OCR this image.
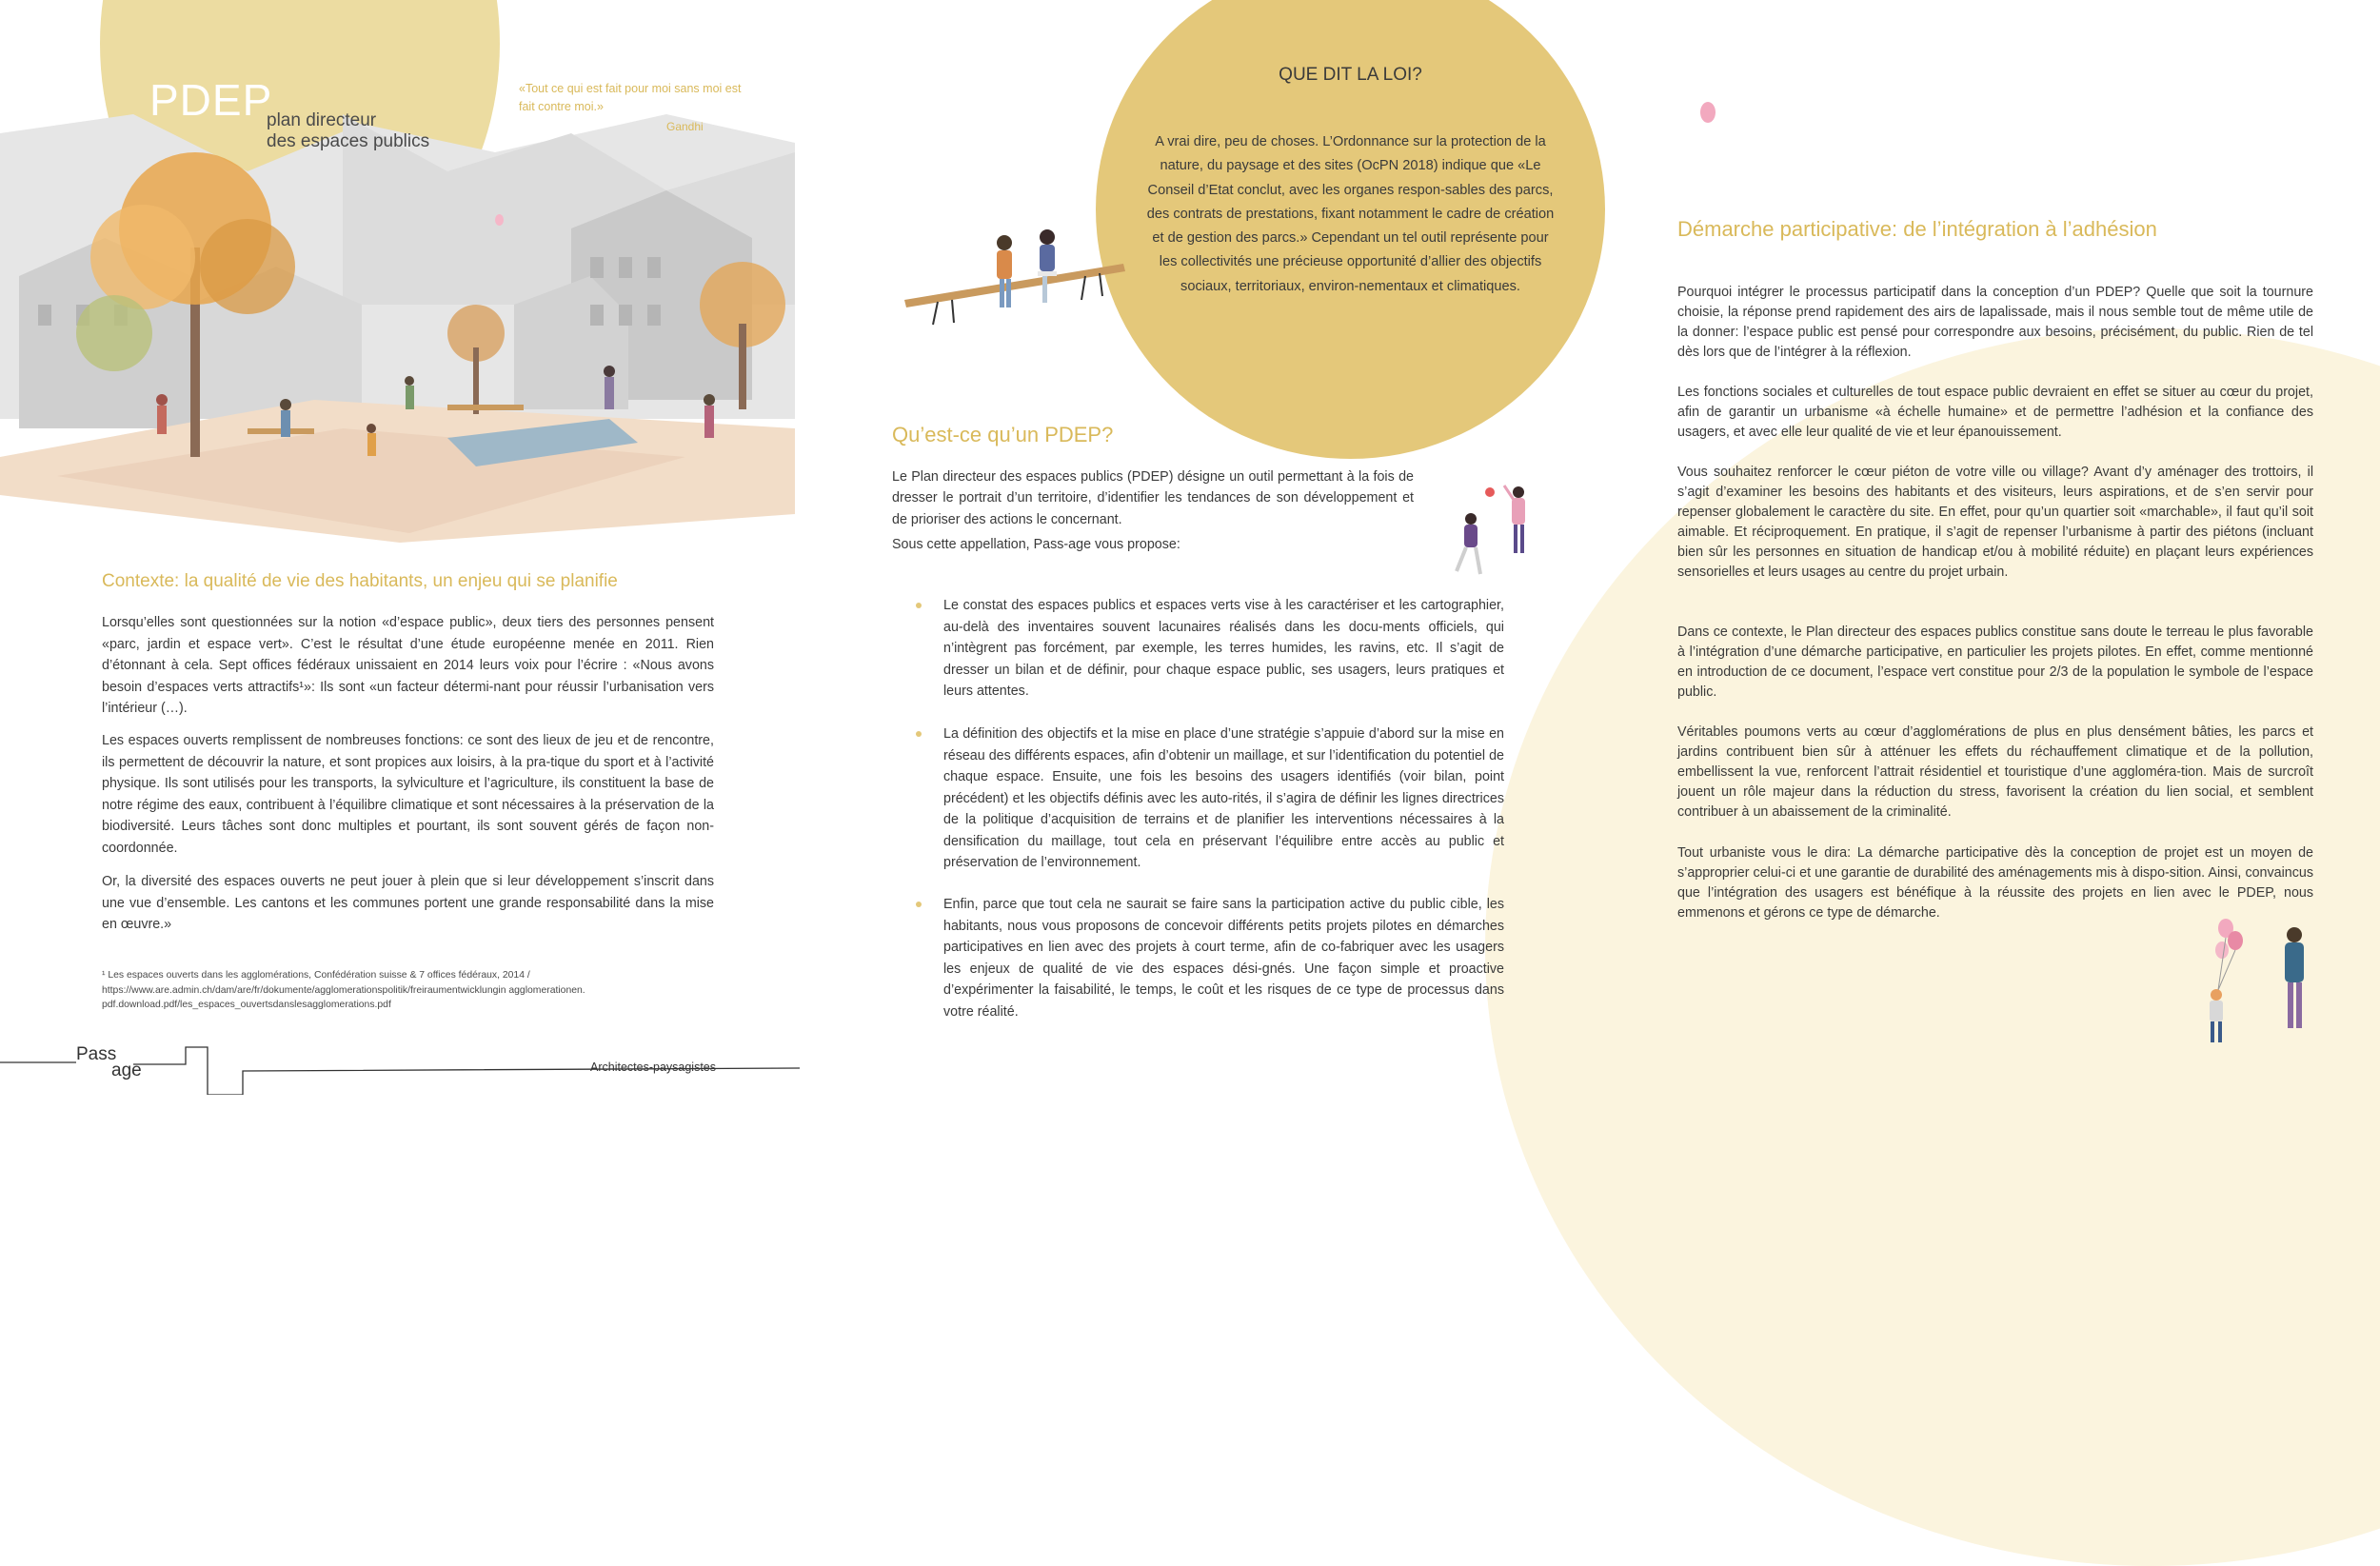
PDEP
plan directeur
des espaces publics
«Tout ce qui est fait pour moi sans moi est fait contre moi.»
Gandhi
Contexte: la qualité de vie des habitants, un enjeu qui se planifie

Lorsqu’elles sont questionnées sur la notion «d’espace public», deux tiers des personnes pensent «parc, jardin et espace vert». C’est le résultat d’une étude européenne menée en 2011. Rien d’étonnant à cela. Sept offices fédéraux unissaient en 2014 leurs voix pour l’écrire : «Nous avons besoin d’espaces verts attractifs¹»: Ils sont «un facteur détermi-nant pour réussir l’urbanisation vers l’intérieur (…).

Les espaces ouverts remplissent de nombreuses fonctions: ce sont des lieux de jeu et de rencontre, ils permettent de découvrir la nature, et sont propices aux loisirs, à la pra-tique du sport et à l’activité physique. Ils sont utilisés pour les transports, la sylviculture et l’agriculture, ils constituent la base de notre régime des eaux, contribuent à l’équilibre climatique et sont nécessaires à la préservation de la biodiversité. Leurs tâches sont donc multiples et pourtant, ils sont souvent gérés de façon non-coordonnée.

Or, la diversité des espaces ouverts ne peut jouer à plein que si leur développement s’inscrit dans une vue d’ensemble. Les cantons et les communes portent une grande responsabilité dans la mise en œuvre.»

¹ Les espaces ouverts dans les agglomérations, Confédération suisse & 7 offices fédéraux, 2014 /
https://www.are.admin.ch/dam/are/fr/dokumente/agglomerationspolitik/freiraumentwicklungin agglomerationen.
pdf.download.pdf/les_espaces_ouvertsdanslesagglomerations.pdf

Pass
age	Architectes-paysagistes
QUE DIT LA LOI?

A vrai dire, peu de choses. L’Ordonnance sur la protection de la nature, du paysage et des sites (OcPN 2018) indique que «Le Conseil d’Etat conclut, avec les organes respon-sables des parcs, des contrats de prestations, fixant notamment le cadre de création et de gestion des parcs.» Cependant un tel outil représente pour les collectivités une précieuse opportunité d’allier des objectifs sociaux, territoriaux, environ-nementaux et climatiques.

Qu’est-ce qu’un PDEP?

Le Plan directeur des espaces publics (PDEP) désigne un outil permettant à la fois de dresser le portrait d’un territoire, d’identifier les tendances de son développement et de prioriser des actions le concernant.

Sous cette appellation, Pass-age vous propose:

Le constat des espaces publics et espaces verts vise à les caractériser et les cartographier, au-delà des inventaires souvent lacunaires réalisés dans les docu-ments officiels, qui n’intègrent pas forcément, par exemple, les terres humides, les ravins, etc. Il s’agit de dresser un bilan et de définir, pour chaque espace public, ses usagers, leurs pratiques et leurs attentes.

La définition des objectifs et la mise en place d’une stratégie s’appuie d’abord sur la mise en réseau des différents espaces, afin d’obtenir un maillage, et sur l’identification du potentiel de chaque espace. Ensuite, une fois les besoins des usagers identifiés (voir bilan, point précédent) et les objectifs définis avec les auto-rités, il s’agira de définir les lignes directrices de la politique d’acquisition de terrains et de planifier les interventions nécessaires à la densification du maillage, tout cela en préservant l’équilibre entre accès au public et préservation de l’environnement.

Enfin, parce que tout cela ne saurait se faire sans la participation active du public cible, les habitants, nous vous proposons de concevoir différents petits projets pilotes en démarches participatives en lien avec des projets à court terme, afin de co-fabriquer avec les usagers les enjeux de qualité de vie des espaces dési-gnés. Une façon simple et proactive d’expérimenter la faisabilité, le temps, le coût et les risques de ce type de processus dans votre réalité.

Démarche participative: de l’intégration à l’adhésion

Pourquoi intégrer le processus participatif dans la conception d’un PDEP? Quelle que soit la tournure choisie, la réponse prend rapidement des airs de lapalissade, mais il nous semble tout de même utile de la donner: l’espace public est pensé pour correspondre aux besoins, précisément, du public. Rien de tel dès lors que de l’intégrer à la réflexion.

Les fonctions sociales et culturelles de tout espace public devraient en effet se situer au cœur du projet, afin de garantir un urbanisme «à échelle humaine» et de permettre l’adhésion et la confiance des usagers, et avec elle leur qualité de vie et leur épanouissement.

Vous souhaitez renforcer le cœur piéton de votre ville ou village? Avant d’y aménager des trottoirs, il s’agit d’examiner les besoins des habitants et des visiteurs, leurs aspirations, et de s’en servir pour repenser globalement le caractère du site. En effet, pour qu’un quartier soit «marchable», il faut qu’il soit aimable. Et réciproquement. En pratique, il s’agit de repenser l’urbanisme à partir des piétons (incluant bien sûr les personnes en situation de handicap et/ou à mobilité réduite) en plaçant leurs expériences sensorielles et leurs usages au centre du projet urbain.

Dans ce contexte, le Plan directeur des espaces publics constitue sans doute le terreau le plus favorable à l’intégration d’une démarche participative, en particulier les projets pilotes. En effet, comme mentionné en introduction de ce document, l’espace vert constitue pour 2/3 de la population le symbole de l’espace public.

Véritables poumons verts au cœur d’agglomérations de plus en plus densément bâties, les parcs et jardins contribuent bien sûr à atténuer les effets du réchauffement climatique et de la pollution, embellissent la vue, renforcent l’attrait résidentiel et touristique d’une aggloméra-tion. Mais de surcroît jouent un rôle majeur dans la réduction du stress, favorisent la création du lien social, et semblent contribuer à un abaissement de la criminalité.

Tout urbaniste vous le dira: La démarche participative dès la conception de projet est un moyen de s’approprier celui-ci et une garantie de durabilité des aménagements mis à dispo-sition. Ainsi, convaincus que l’intégration des usagers est bénéfique à la réussite des projets en lien avec le PDEP, nous emmenons et gérons ce type de démarche.
